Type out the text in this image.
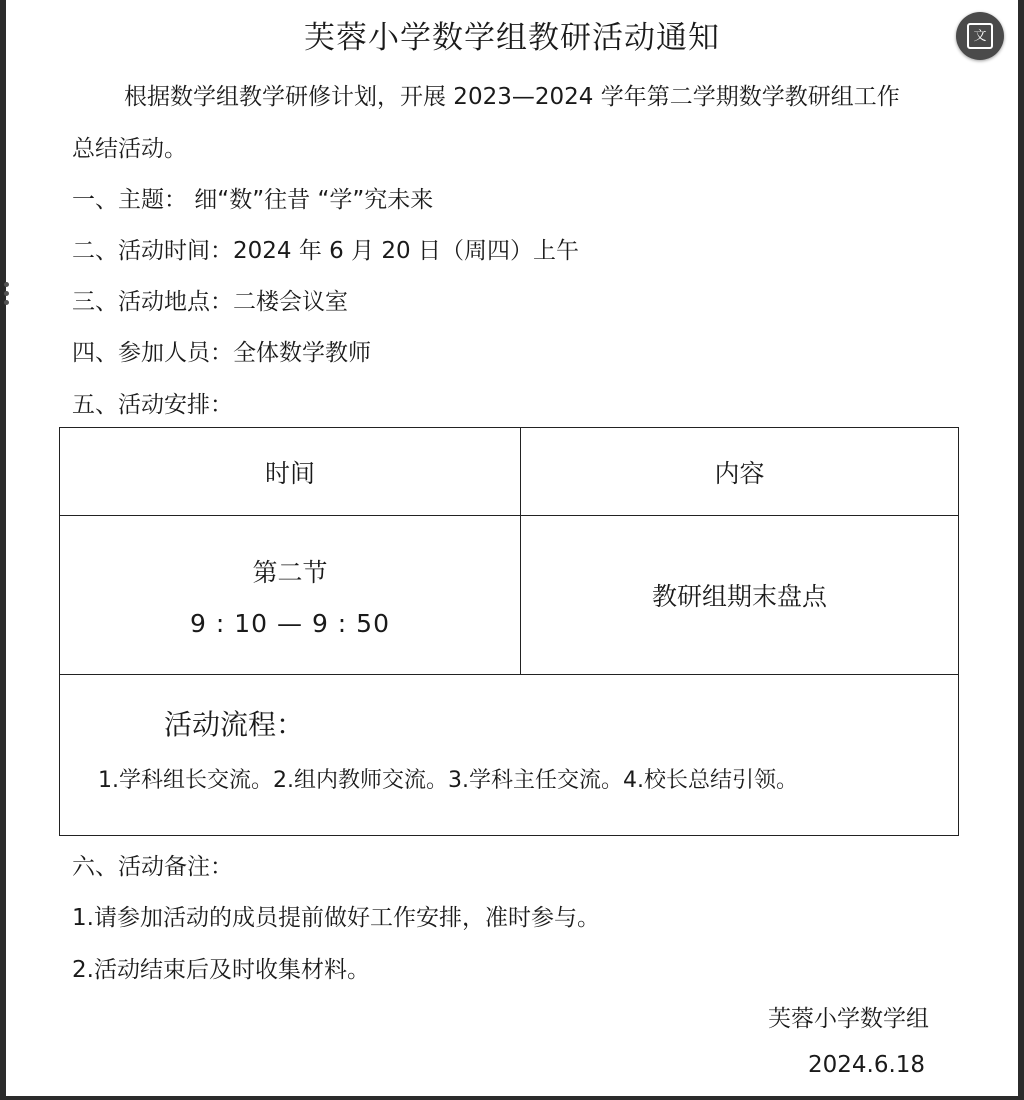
芙蓉小学数学组教研活动通知
根据数学组教学研修计划，开展 2023—2024 学年第二学期数学教研组工作
总结活动。
一、主题： 细“数”往昔 “学”究未来
二、活动时间：2024 年 6 月 20 日（周四）上午
三、活动地点：二楼会议室
四、参加人员：全体数学教师
五、活动安排：
时间	内容
第二节
9 : 10 — 9 : 50	教研组期末盘点

活动流程：
1.学科组长交流。2.组内教师交流。3.学科主任交流。4.校长总结引领。	
六、活动备注：
1.请参加活动的成员提前做好工作安排，准时参与。
2.活动结束后及时收集材料。
芙蓉小学数学组
2024.6.18
文
